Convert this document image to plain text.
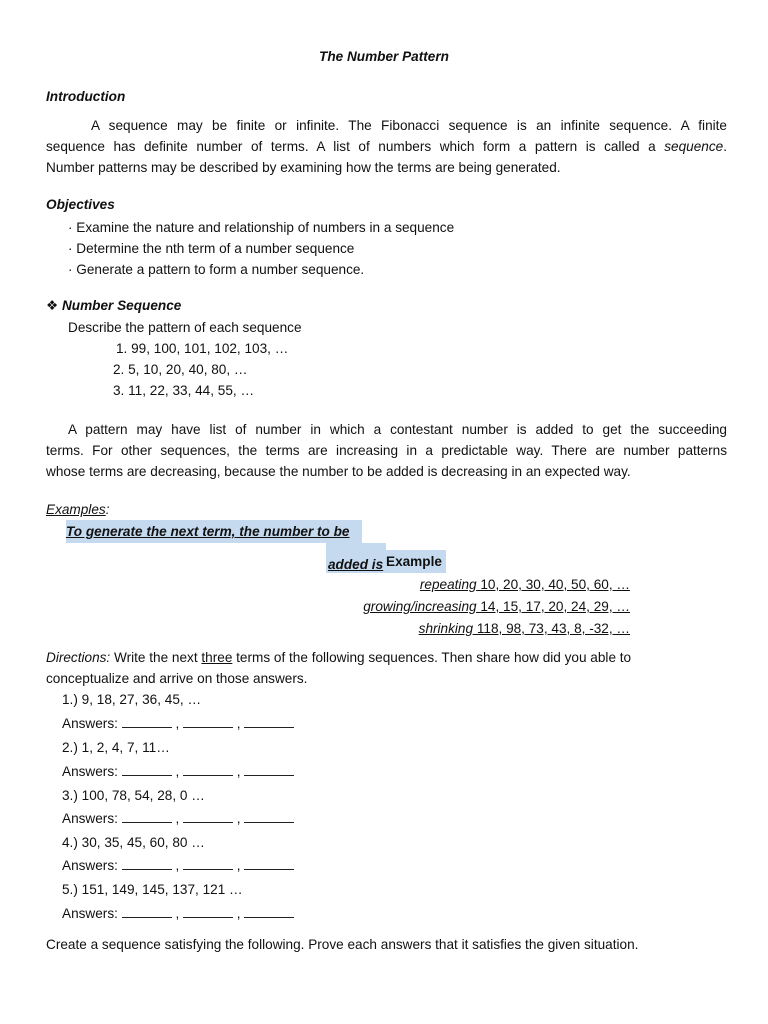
The Number Pattern
Introduction
A sequence may be finite or infinite. The Fibonacci sequence is an infinite sequence. A finite
sequence has definite number of terms. A list of numbers which form a pattern is called a sequence.
Number patterns may be described by examining how the terms are being generated.
Objectives
· Examine the nature and relationship of numbers in a sequence
· Determine the nth term of a number sequence
· Generate a pattern to form a number sequence.
❖ Number Sequence
Describe the pattern of each sequence
1. 99, 100, 101, 102, 103, …
2. 5, 10, 20, 40, 80, …
3. 11, 22, 33, 44, 55, …
A pattern may have list of number in which a contestant number is added to get the succeeding
terms. For other sequences, the terms are increasing in a predictable way. There are number patterns
whose terms are decreasing, because the number to be added is decreasing in an expected way.
Examples:
To generate the next term, the number to be
added is Example
repeating 10, 20, 30, 40, 50, 60, …
growing/increasing 14, 15, 17, 20, 24, 29, …
shrinking 118, 98, 73, 43, 8, -32, …
Directions: Write the next three terms of the following sequences. Then share how did you able to
conceptualize and arrive on those answers.
1.) 9, 18, 27, 36, 45, …
Answers:	,	,
2.) 1, 2, 4, 7, 11…
Answers:	,	,
3.) 100, 78, 54, 28, 0 …
Answers:	,	,
4.) 30, 35, 45, 60, 80 …
Answers:	,	,
5.) 151, 149, 145, 137, 121 …
Answers:	,	,
Create a sequence satisfying the following. Prove each answers that it satisfies the given situation.
